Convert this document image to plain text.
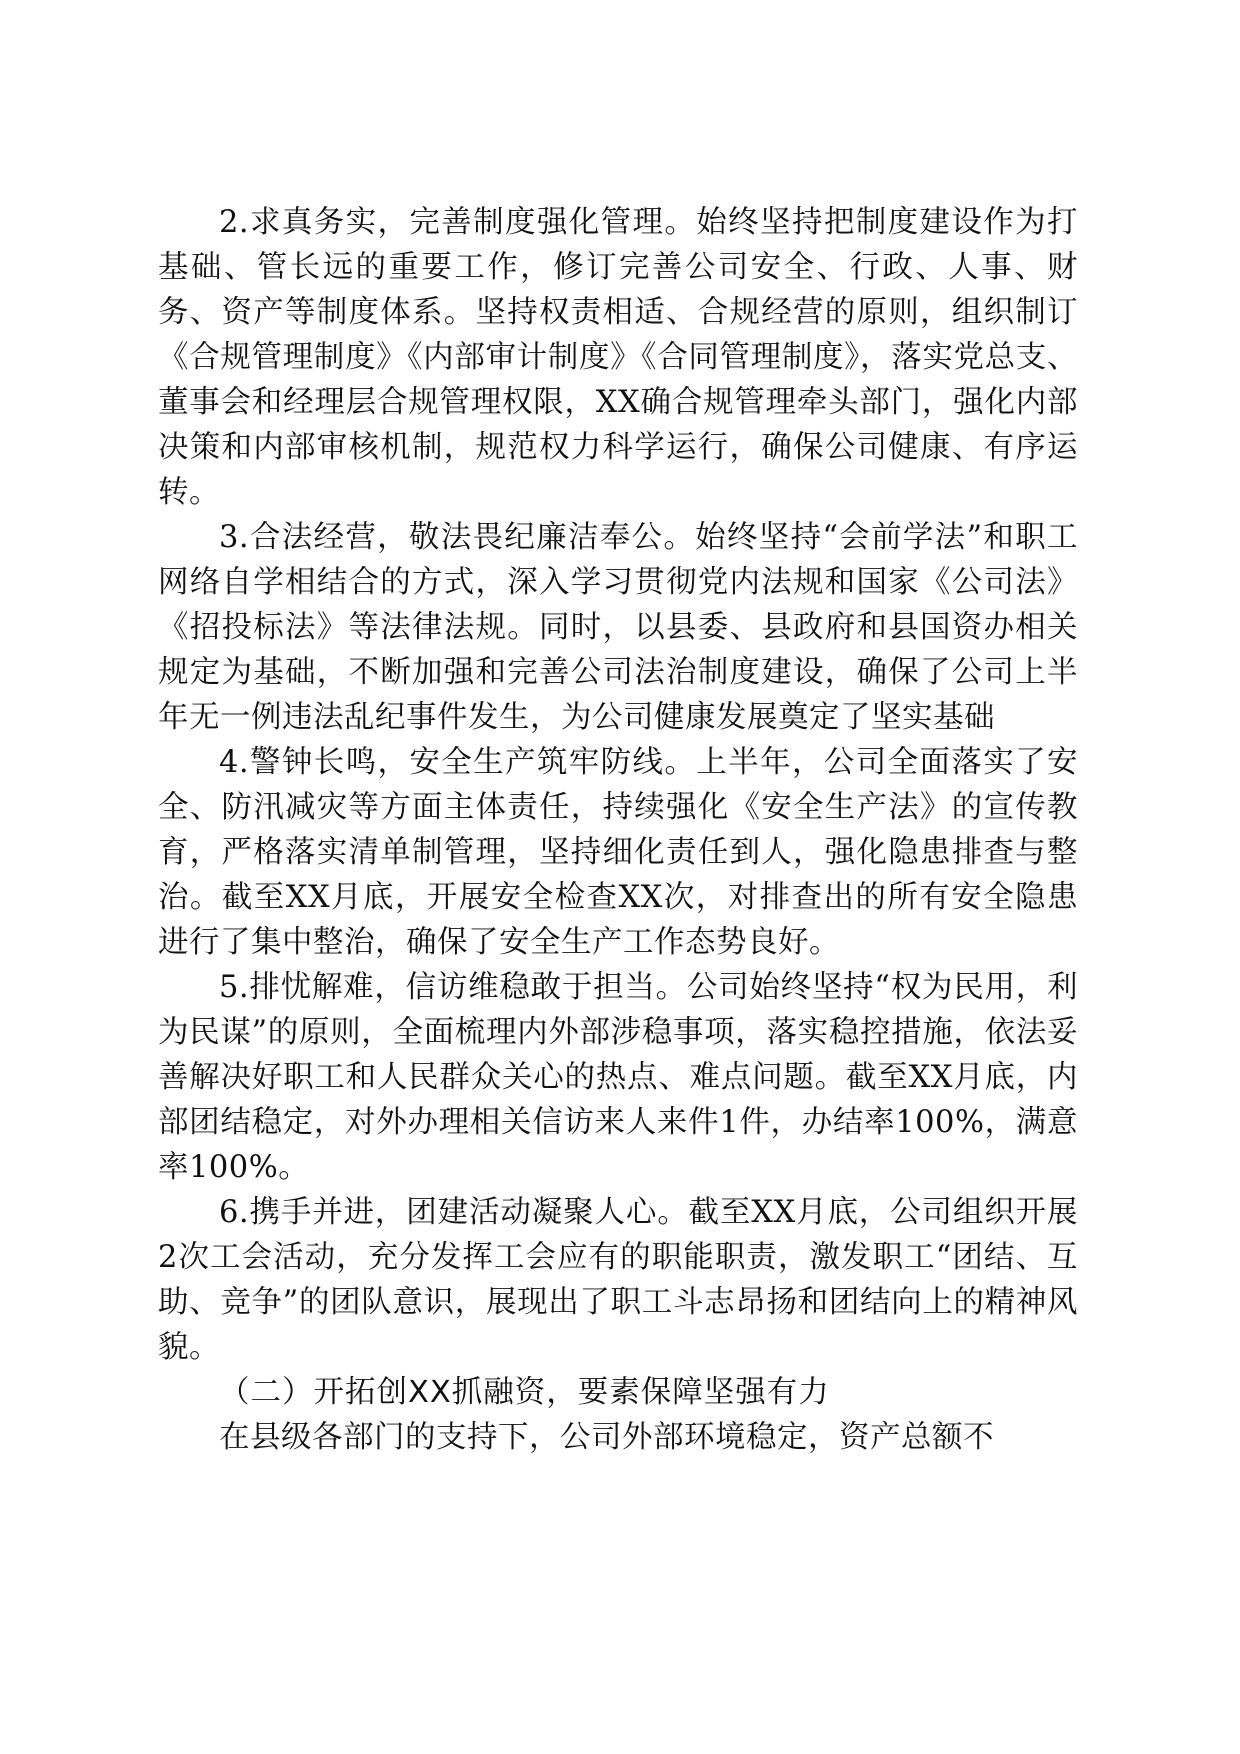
2.求真务实，完善制度强化管理。始终坚持把制度建设作为打基础、管长远的重要工作，修订完善公司安全、行政、人事、财务、资产等制度体系。坚持权责相适、合规经营的原则，组织制订《合规管理制度》《内部审计制度》《合同管理制度》，落实党总支、董事会和经理层合规管理权限，XX确合规管理牵头部门，强化内部决策和内部审核机制，规范权力科学运行，确保公司健康、有序运转。

3.合法经营，敬法畏纪廉洁奉公。始终坚持“会前学法”和职工网络自学相结合的方式，深入学习贯彻党内法规和国家《公司法》《招投标法》等法律法规。同时，以县委、县政府和县国资办相关规定为基础，不断加强和完善公司法治制度建设，确保了公司上半年无一例违法乱纪事件发生，为公司健康发展奠定了坚实基础

4.警钟长鸣，安全生产筑牢防线。上半年，公司全面落实了安全、防汛减灾等方面主体责任，持续强化《安全生产法》的宣传教育，严格落实清单制管理，坚持细化责任到人，强化隐患排查与整治。截至XX月底，开展安全检查XX次，对排查出的所有安全隐患进行了集中整治，确保了安全生产工作态势良好。

5.排忧解难，信访维稳敢于担当。公司始终坚持“权为民用，利为民谋”的原则，全面梳理内外部涉稳事项，落实稳控措施，依法妥善解决好职工和人民群众关心的热点、难点问题。截至XX月底，内部团结稳定，对外办理相关信访来人来件1件，办结率100%，满意率100%。

6.携手并进，团建活动凝聚人心。截至XX月底，公司组织开展2次工会活动，充分发挥工会应有的职能职责，激发职工“团结、互助、竞争”的团队意识，展现出了职工斗志昂扬和团结向上的精神风貌。

（二）开拓创XX抓融资，要素保障坚强有力

在县级各部门的支持下，公司外部环境稳定，资产总额不
